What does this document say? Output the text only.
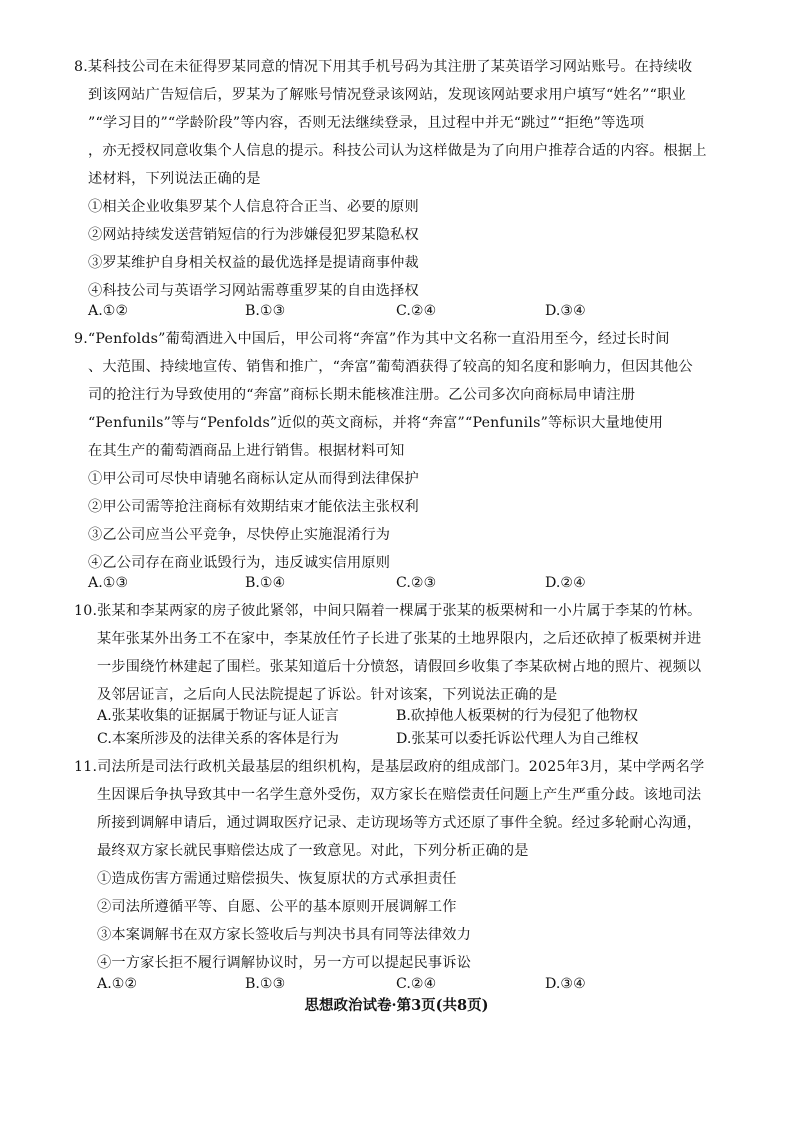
8.某科技公司在未征得罗某同意的情况下用其手机号码为其注册了某英语学习网站账号。在持续收
到该网站广告短信后，罗某为了解账号情况登录该网站，发现该网站要求用户填写“姓名”“职业
”“学习目的”“学龄阶段”等内容，否则无法继续登录，且过程中并无“跳过”“拒绝”等选项
，亦无授权同意收集个人信息的提示。科技公司认为这样做是为了向用户推荐合适的内容。根据上
述材料，下列说法正确的是
①相关企业收集罗某个人信息符合正当、必要的原则
②网站持续发送营销短信的行为涉嫌侵犯罗某隐私权
③罗某维护自身相关权益的最优选择是提请商事仲裁
④科技公司与英语学习网站需尊重罗某的自由选择权
A.①②	B.①③	C.②④	D.③④
9.“Penfolds”葡萄酒进入中国后，甲公司将“奔富”作为其中文名称一直沿用至今，经过长时间
、大范围、持续地宣传、销售和推广，“奔富”葡萄酒获得了较高的知名度和影响力，但因其他公
司的抢注行为导致使用的“奔富”商标长期未能核准注册。乙公司多次向商标局申请注册
“Penfunils”等与“Penfolds”近似的英文商标，并将“奔富”“Penfunils”等标识大量地使用
在其生产的葡萄酒商品上进行销售。根据材料可知
①甲公司可尽快申请驰名商标认定从而得到法律保护
②甲公司需等抢注商标有效期结束才能依法主张权利
③乙公司应当公平竞争，尽快停止实施混淆行为
④乙公司存在商业诋毁行为，违反诚实信用原则
A.①③	B.①④	C.②③	D.②④
10.张某和李某两家的房子彼此紧邻，中间只隔着一棵属于张某的板栗树和一小片属于李某的竹林。
某年张某外出务工不在家中，李某放任竹子长进了张某的土地界限内，之后还砍掉了板栗树并进
一步围绕竹林建起了围栏。张某知道后十分愤怒，请假回乡收集了李某砍树占地的照片、视频以
及邻居证言，之后向人民法院提起了诉讼。针对该案，下列说法正确的是
A.张某收集的证据属于物证与证人证言	B.砍掉他人板栗树的行为侵犯了他物权
C.本案所涉及的法律关系的客体是行为	D.张某可以委托诉讼代理人为自己维权
11.司法所是司法行政机关最基层的组织机构，是基层政府的组成部门。2025年3月，某中学两名学
生因课后争执导致其中一名学生意外受伤，双方家长在赔偿责任问题上产生严重分歧。该地司法
所接到调解申请后，通过调取医疗记录、走访现场等方式还原了事件全貌。经过多轮耐心沟通，
最终双方家长就民事赔偿达成了一致意见。对此，下列分析正确的是
①造成伤害方需通过赔偿损失、恢复原状的方式承担责任
②司法所遵循平等、自愿、公平的基本原则开展调解工作
③本案调解书在双方家长签收后与判决书具有同等法律效力
④一方家长拒不履行调解协议时，另一方可以提起民事诉讼
A.①②	B.①③	C.②④	D.③④
思想政治试卷·第3页(共8页)
